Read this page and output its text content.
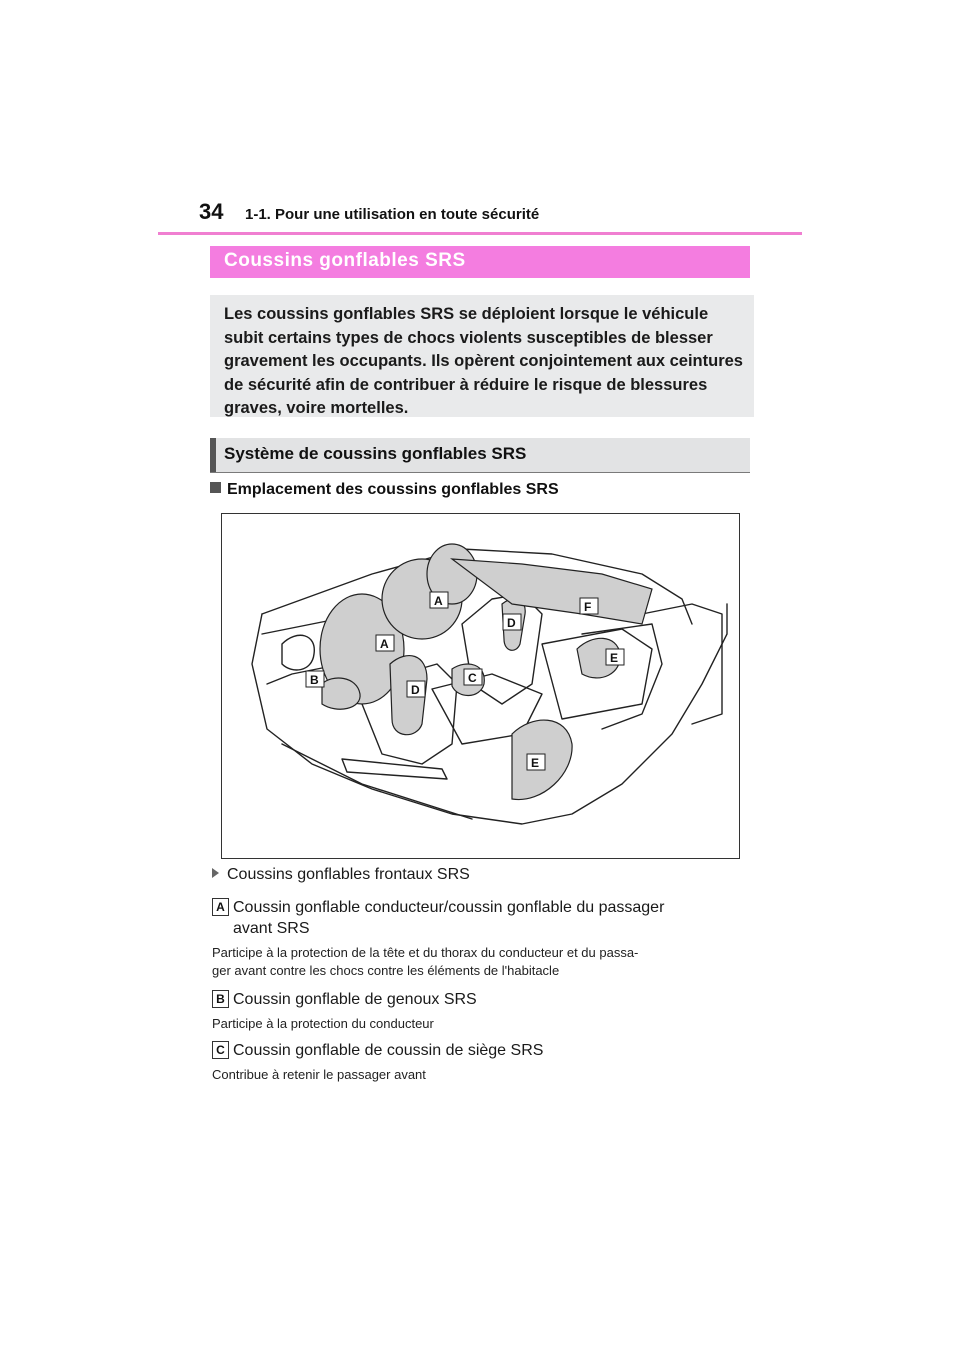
34 1-1. Pour une utilisation en toute sécurité
Coussins gonflables SRS

Les coussins gonflables SRS se déploient lorsque le véhicule subit certains types de chocs violents susceptibles de blesser gravement les occupants. Ils opèrent conjointement aux ceintures de sécurité afin de contribuer à réduire le risque de blessures graves, voire mortelles.

Système de coussins gonflables SRS
Emplacement des coussins gonflables SRS
A
A
B	C
D
D
E
E
F
Coussins gonflables frontaux SRS
A Coussin gonflable conducteur/coussin gonflable du passager
avant SRS
Participe à la protection de la tête et du thorax du conducteur et du passa-
ger avant contre les chocs contre les éléments de l'habitacle
B Coussin gonflable de genoux SRS
Participe à la protection du conducteur
C Coussin gonflable de coussin de siège SRS
Contribue à retenir le passager avant
